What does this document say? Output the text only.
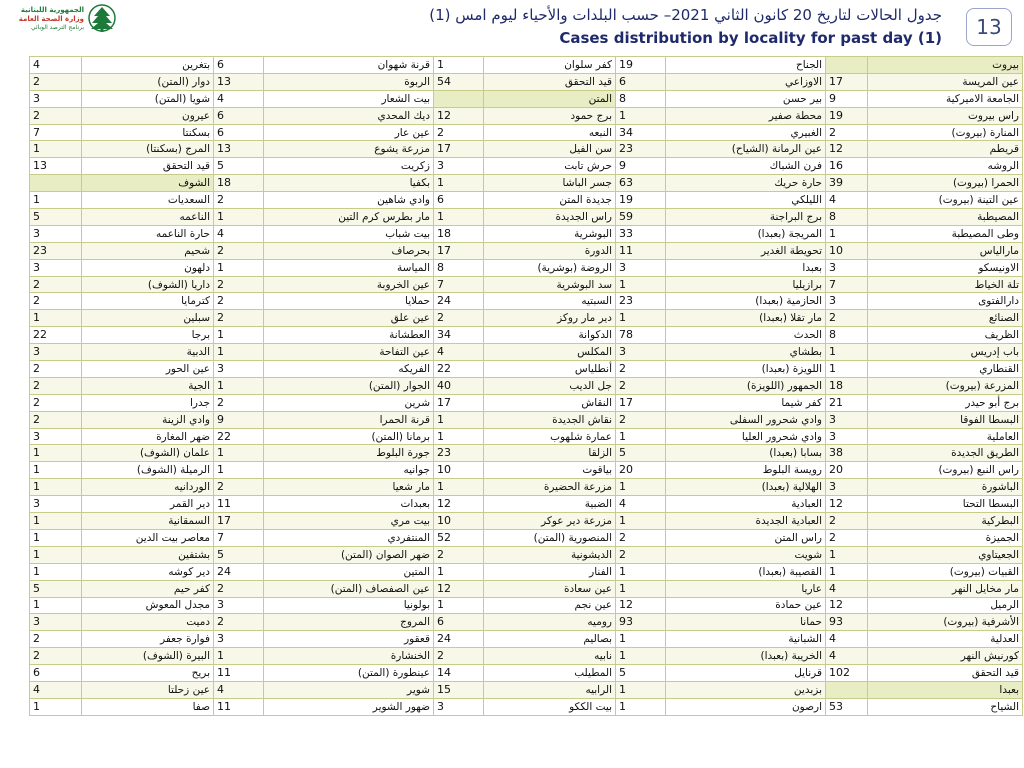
الجمهورية اللبنانية
وزارة الصحة العامة
برنامج الترصد الوبائي
جدول الحالات لتاريخ 20 كانون الثاني 2021– حسب البلدات والأحياء ليوم امس (1)
Cases distribution by locality for past day (1)	13
4	بتغرين	6	قرنة شهوان	1	كفر سلوان	19	الجناح		بيروت
2	دوار (المتن)	13	الربوة	54	قيد التحقق	6	الاوزاعي	17	عين المريسة
3	شويا (المتن)	4	بيت الشعار		المتن	8	بير حسن	9	الجامعة الاميركية
2	عيرون	6	ديك المحدي	12	برج حمود	1	محطة صفير	19	راس بيروت
7	بسكنتا	6	عين عار	2	النبعه	34	الغبيري	2	المنارة (بيروت)
1	المرج (بسكنتا)	13	مزرعة يشوع	17	سن الفيل	23	عين الرمانة (الشياح)	12	قريطم
13	قيد التحقق	5	زكريت	3	حرش تابت	9	فرن الشباك	16	الروشه
	الشوف	18	بكفيا	1	جسر الباشا	63	حارة حريك	39	الحمرا (بيروت)
1	السعديات	2	وادي شاهين	6	جديدة المتن	19	الليلكي	4	عين التينة (بيروت)
5	الناعمه	1	مار بطرس كرم التين	1	راس الجديدة	59	برج البراجنة	8	المصيطبة
3	حارة الناعمه	4	بيت شباب	18	البوشرية	33	المريجة (بعبدا)	1	وطى المصيطبة
23	شحيم	2	بحرصاف	17	الدورة	11	تحويطة الغدير	10	مارالياس
3	دلهون	1	المياسة	8	الروضة (بوشرية)	3	بعبدا	3	الاونيسكو
2	داريا (الشوف)	2	عين الخروبة	7	سد البوشرية	1	برازيليا	7	تلة الخياط
2	كترمايا	2	حملايا	24	السبتيه	23	الحازمية (بعبدا)	3	دارالفتوى
1	سبلين	2	عين علق	2	دير مار روكز	1	مار تقلا (بعبدا)	2	الصنائع
22	برجا	1	العطشانة	34	الدكوانة	78	الحدث	8	الظريف
3	الدبية	1	عين التفاحة	4	المكلس	3	بطشاي	1	باب إدريس
2	عين الحور	3	الفريكه	22	أنطلياس	2	اللويزة (بعبدا)	1	القنطاري
2	الجية	1	الجوار (المتن)	40	جل الديب	2	الجمهور (اللويزة)	18	المزرعة (بيروت)
2	جدرا	2	شرين	17	النقاش	17	كفر شيما	21	برج أبو حيدر
2	وادي الزينة	9	قرنة الحمرا	1	نقاش الجديدة	2	وادي شحرور السفلى	3	البسطا الفوقا
3	ضهر المغارة	22	برمانا (المتن)	1	عمارة شلهوب	1	وادي شحرور العليا	3	العاملية
1	علمان (الشوف)	1	جورة البلوط	23	الزلقا	5	بسابا (بعبدا)	38	الطريق الجديدة
1	الرميلة (الشوف)	1	جوانيه	10	بياقوت	20	رويسة البلوط	20	راس النبع (بيروت)
1	الوردانيه	2	مار شعيا	1	مزرعة الحضيرة	1	الهلالية (بعبدا)	3	الباشورة
3	دير القمر	11	بعبدات	12	الضبية	4	العبادية	12	البسطا التحتا
1	السمقانية	17	بيت مري	10	مزرعة دير عوكر	1	العبادية الجديدة	2	البطركية
1	معاصر بيت الدين	7	المنتفردي	52	المنصورية (المتن)	2	راس المتن	2	الجميزة
1	بشتفين	5	ضهر الصوان (المتن)	2	الديشونية	2	شويت	1	الجعيتاوي
1	دير كوشه	24	المتين	1	الفنار	1	القصيبة (بعبدا)	1	القبيات (بيروت)
5	كفر حيم	2	عين الصفصاف (المتن)	12	عين سعادة	1	عاريا	4	مار مخايل النهر
1	مجدل المعوش	3	بولونيا	1	عين نجم	12	عين حمادة	12	الرميل
3	دميت	2	المروج	6	روميه	93	حمانا	93	الأشرفية (بيروت)
2	فوارة جعفر	3	قعقور	24	بصاليم	1	الشبانية	4	العدلية
2	البيرة (الشوف)	1	الخنشارة	2	نابيه	1	الخريبة (بعبدا)	4	كورنيش النهر
6	بريح	11	عينطورة (المتن)	14	المطيلب	5	قرنايل	102	قيد التحقق
4	عين زحلتا	4	شوير	15	الرابيه	1	بزبدين		بعبدا
1	صفا	11	ضهور الشوير	3	بيت الككو	1	ارصون	53	الشياح
